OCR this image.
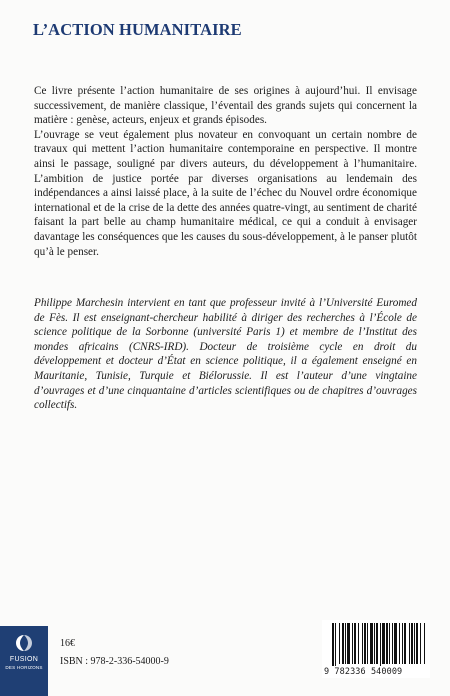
L’ACTION HUMANITAIRE

Ce livre présente l’action humanitaire de ses origines à aujourd’hui. Il envisage successivement, de manière classique, l’éventail des grands sujets qui concernent la matière : genèse, acteurs, enjeux et grands épisodes.

L’ouvrage se veut également plus novateur en convoquant un certain nombre de travaux qui mettent l’action humanitaire contemporaine en perspective. Il montre ainsi le passage, souligné par divers auteurs, du développement à l’humanitaire. L’ambition de justice portée par diverses organisations au lendemain des indépendances a ainsi laissé place, à la suite de l’échec du Nouvel ordre économique international et de la crise de la dette des années quatre-vingt, au sentiment de charité faisant la part belle au champ humanitaire médical, ce qui a conduit à envisager davantage les conséquences que les causes du sous-développement, à le panser plutôt qu’à le penser.

Philippe Marchesin intervient en tant que professeur invité à l’Université Euromed de Fès. Il est enseignant-chercheur habilité à diriger des recherches à l’École de science politique de la Sorbonne (université Paris 1) et membre de l’Institut des mondes africains (CNRS-IRD). Docteur de troisième cycle en droit du développement et docteur d’État en science politique, il a également enseigné en Mauritanie, Tunisie, Turquie et Biélorussie. Il est l’auteur d’une vingtaine d’ouvrages et d’une cinquantaine d’articles scientifiques ou de chapitres d’ouvrages collectifs.

FUSION
DES HORIZONS
16€
ISBN : 978-2-336-54000-9
9 782336 540009
